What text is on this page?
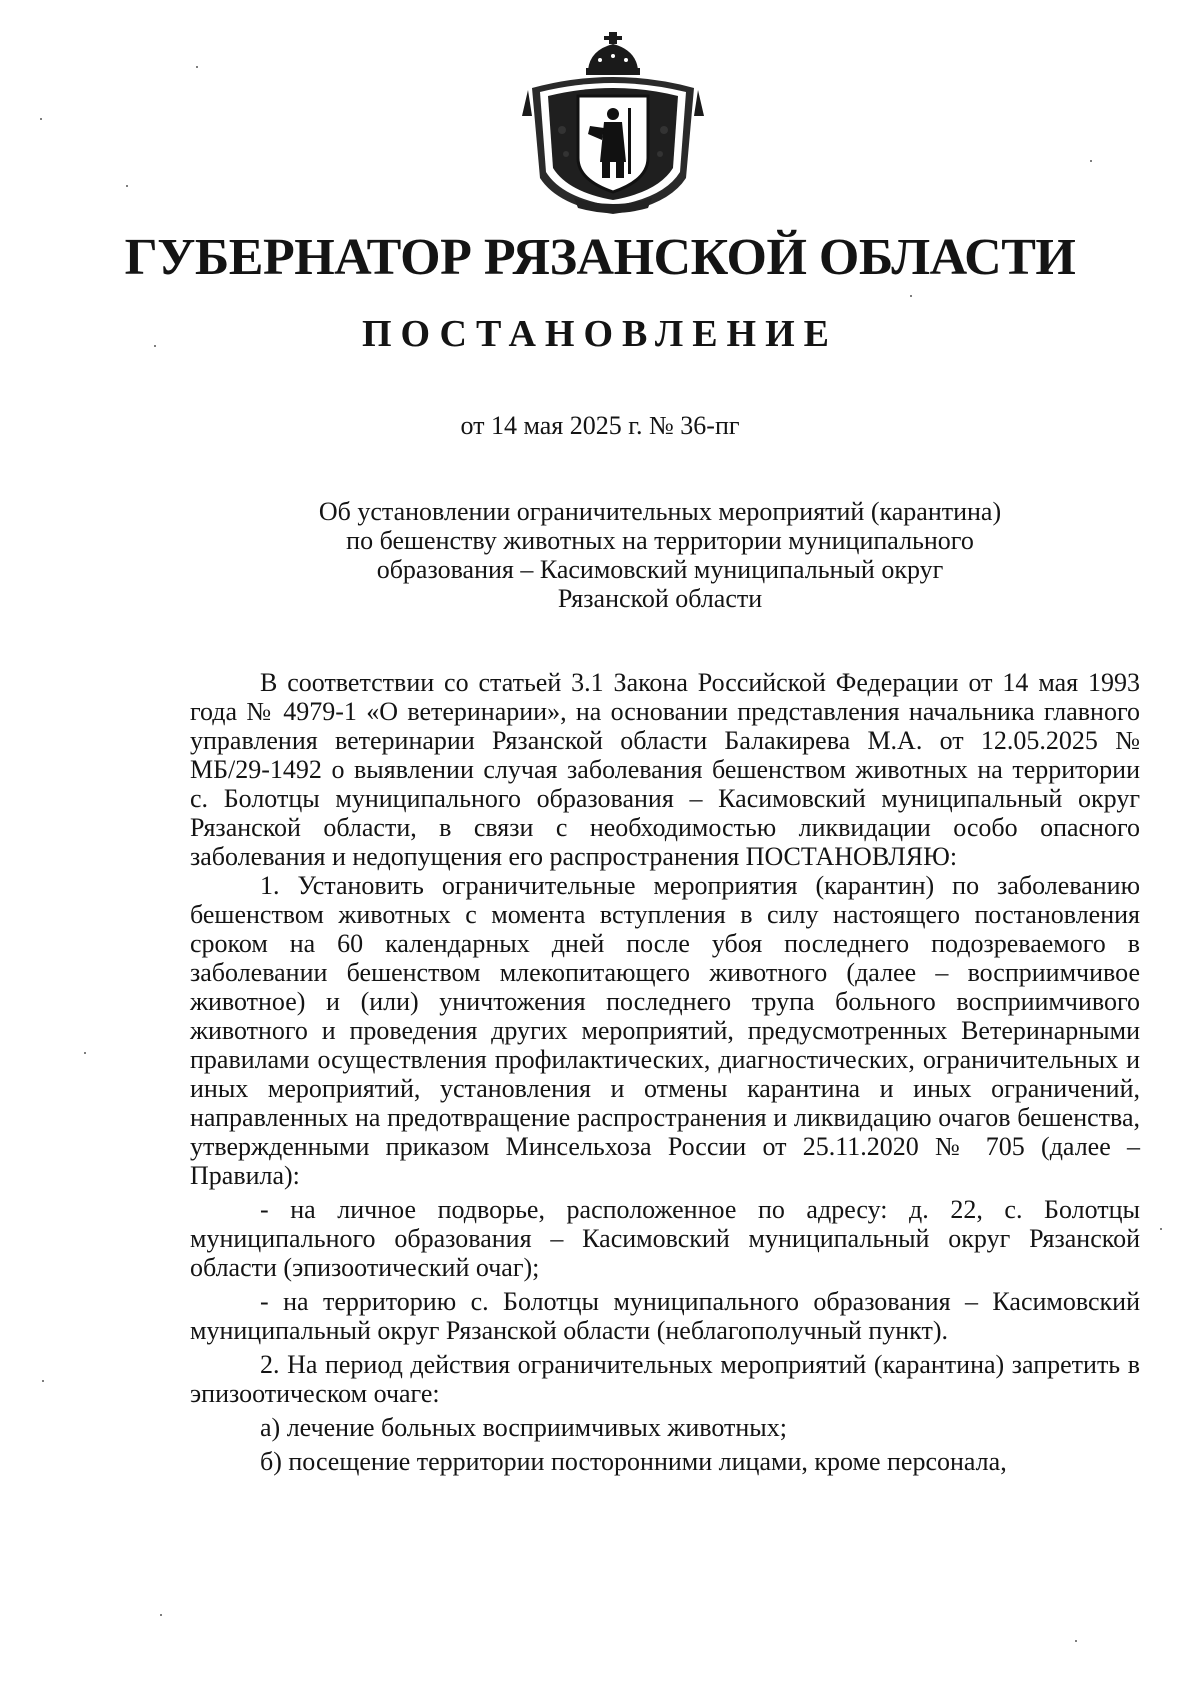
ГУБЕРНАТОР РЯЗАНСКОЙ ОБЛАСТИ
ПОСТАНОВЛЕНИЕ
от 14 мая 2025 г. № 36-пг
Об установлении ограничительных мероприятий (карантина)
по бешенству животных на территории муниципального
образования – Касимовский муниципальный округ
Рязанской области

В соответствии со статьей 3.1 Закона Российской Федерации от 14 мая 1993 года № 4979-1 «О ветеринарии», на основании представления начальника главного управления ветеринарии Рязанской области Балакирева М.А. от 12.05.2025 № МБ/29-1492 о выявлении случая заболевания бешенством животных на территории с. Болотцы муниципального образования – Касимовский муниципальный округ Рязанской области, в связи с необходимостью ликвидации особо опасного заболевания и недопущения его распространения ПОСТАНОВЛЯЮ:

1. Установить ограничительные мероприятия (карантин) по заболеванию бешенством животных с момента вступления в силу настоящего постановления сроком на 60 календарных дней после убоя последнего подозреваемого в заболевании бешенством млекопитающего животного (далее – восприимчивое животное) и (или) уничтожения последнего трупа больного восприимчивого животного и проведения других мероприятий, предусмотренных Ветеринарными правилами осуществления профилактических, диагностических, ограничительных и иных мероприятий, установления и отмены карантина и иных ограничений, направленных на предотвращение распространения и ликвидацию очагов бешенства, утвержденными приказом Минсельхоза России от 25.11.2020 № 705 (далее – Правила):

- на личное подворье, расположенное по адресу: д. 22, с. Болотцы муниципального образования – Касимовский муниципальный округ Рязанской области (эпизоотический очаг);

- на территорию с. Болотцы муниципального образования – Касимовский муниципальный округ Рязанской области (неблагополучный пункт).

2. На период действия ограничительных мероприятий (карантина) запретить в эпизоотическом очаге:

а) лечение больных восприимчивых животных;

б) посещение территории посторонними лицами, кроме персонала,
